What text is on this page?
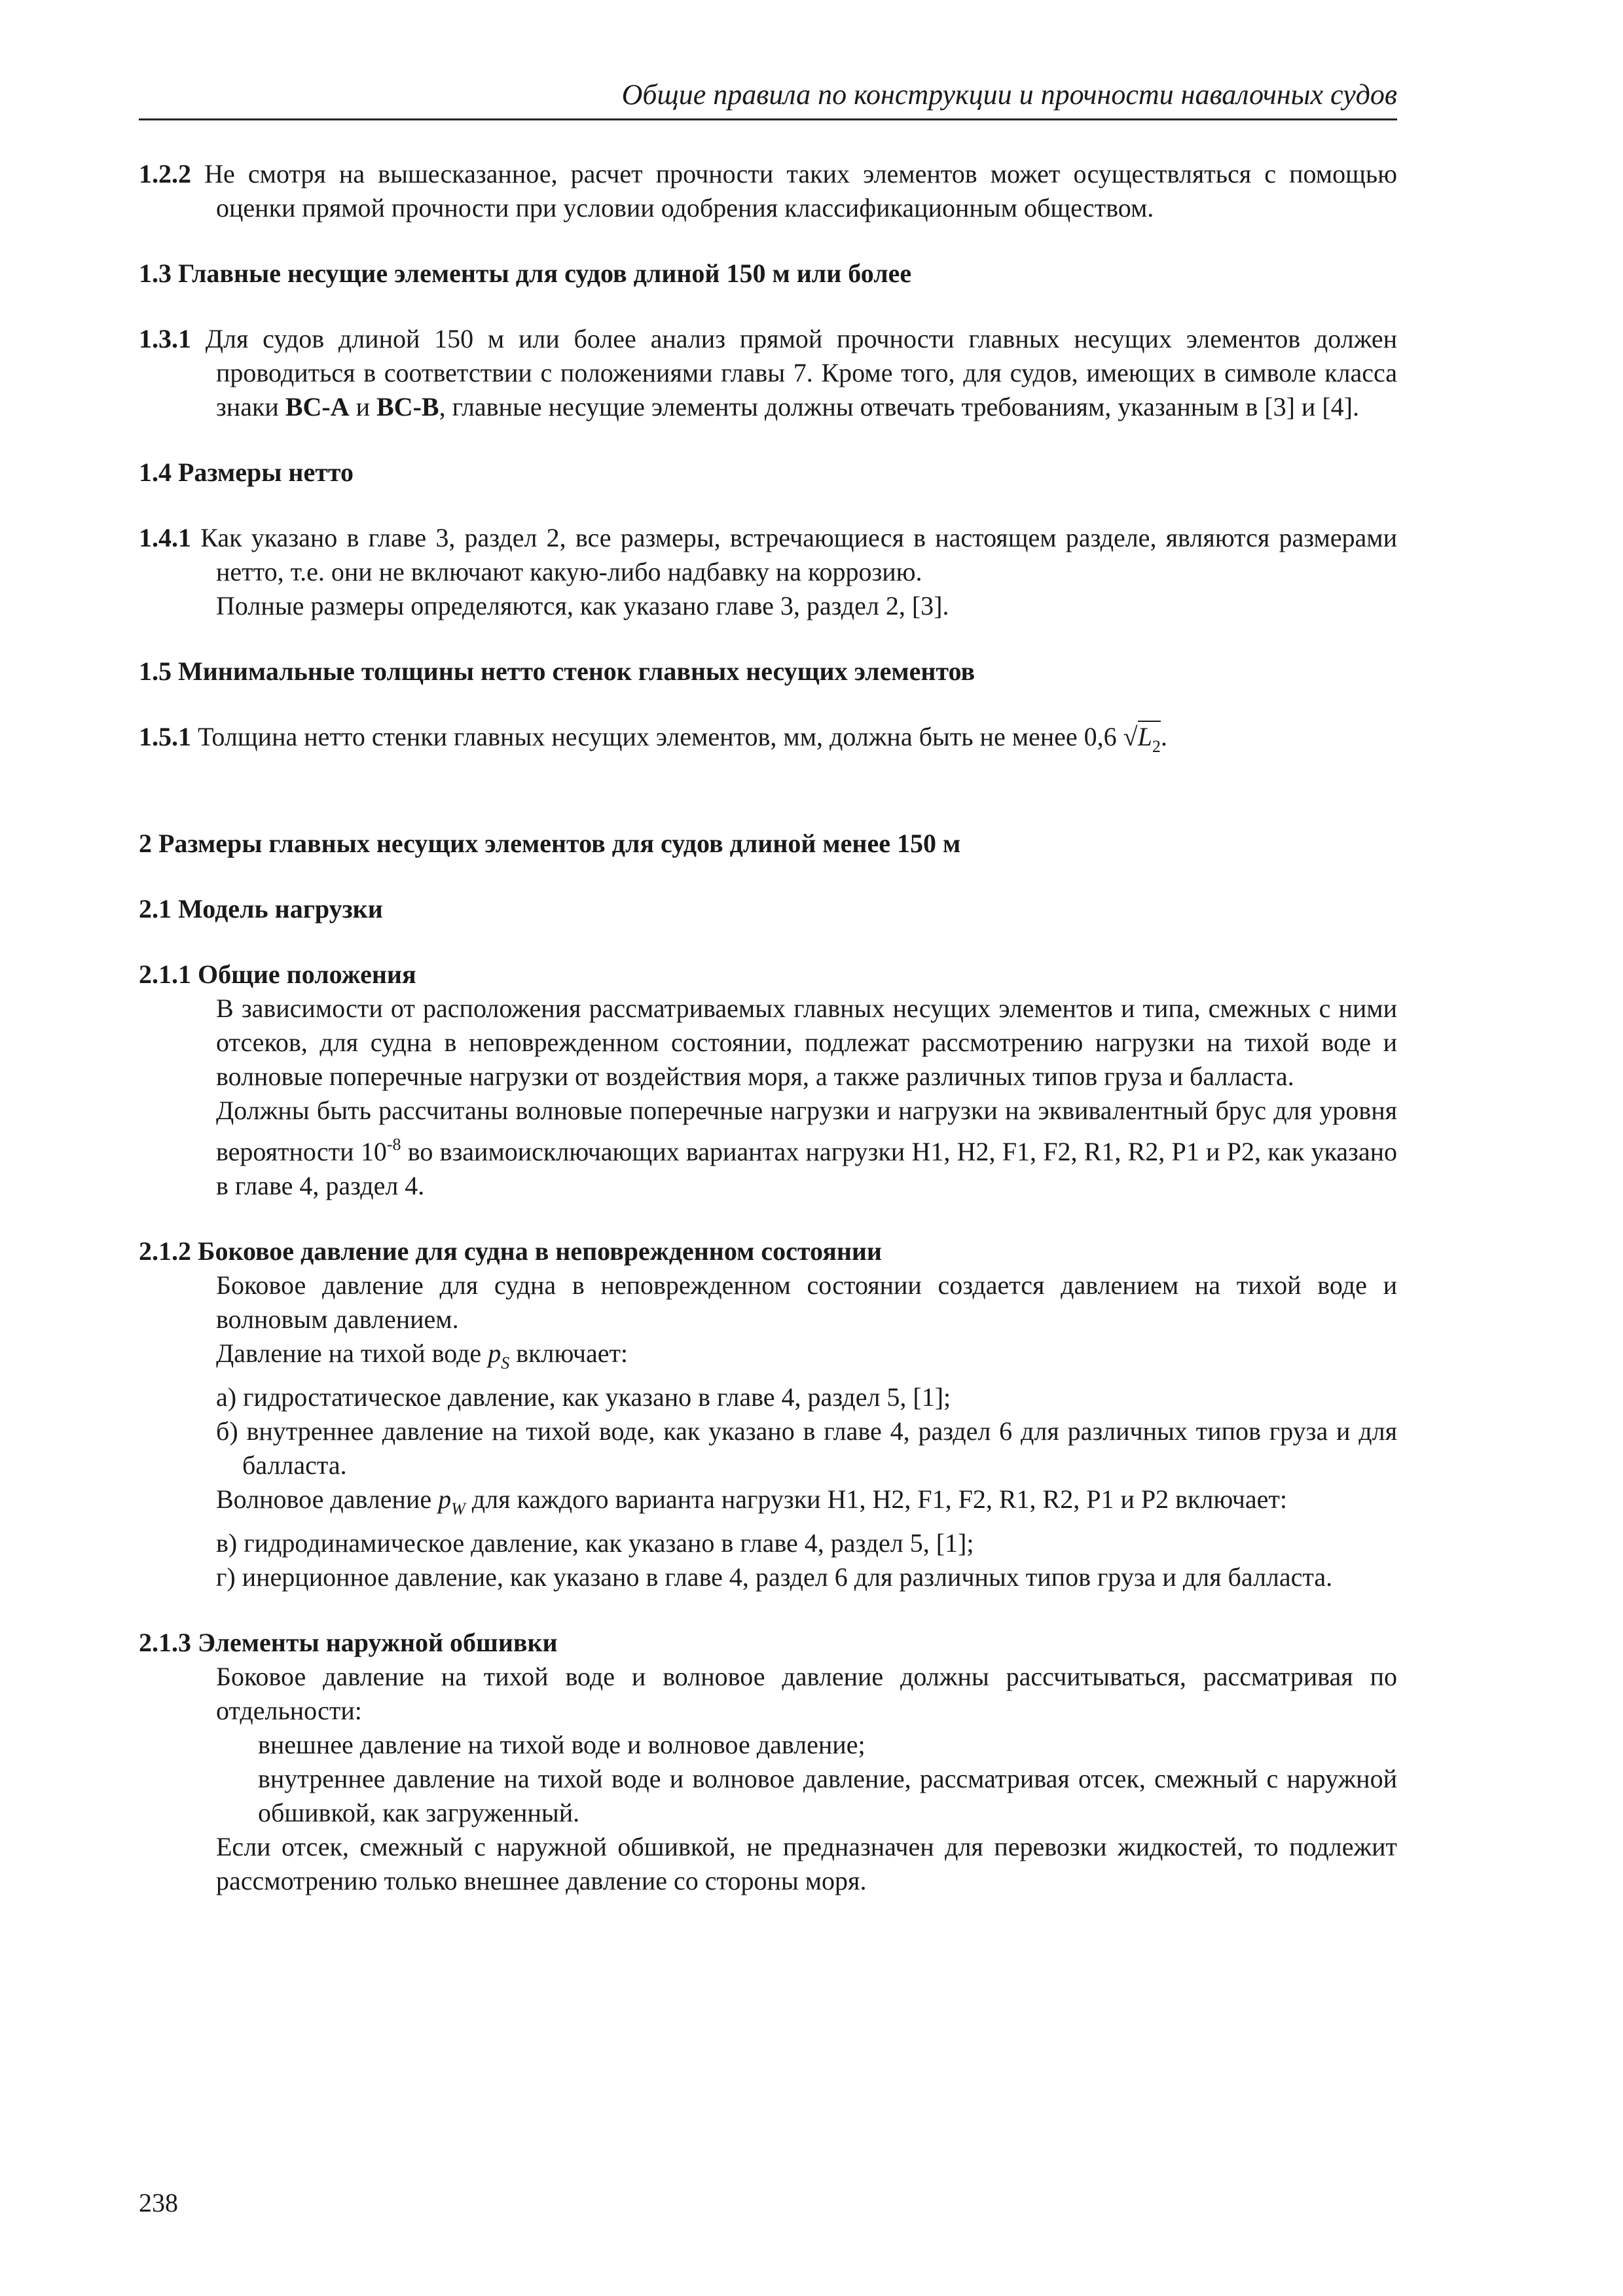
Общие правила по конструкции и прочности навалочных судов

1.2.2 Не смотря на вышесказанное, расчет прочности таких элементов может осуществляться с помощью оценки прямой прочности при условии одобрения классификационным обществом.

1.3 Главные несущие элементы для судов длиной 150 м или более

1.3.1 Для судов длиной 150 м или более анализ прямой прочности главных несущих элементов должен проводиться в соответствии с положениями главы 7. Кроме того, для судов, имеющих в символе класса знаки BC-A и BC-B, главные несущие элементы должны отвечать требованиям, указанным в [3] и [4].

1.4 Размеры нетто

1.4.1 Как указано в главе 3, раздел 2, все размеры, встречающиеся в настоящем разделе, являются размерами нетто, т.е. они не включают какую-либо надбавку на коррозию.

Полные размеры определяются, как указано главе 3, раздел 2, [3].

1.5 Минимальные толщины нетто стенок главных несущих элементов

1.5.1 Толщина нетто стенки главных несущих элементов, мм, должна быть не менее 0,6 $√L_2$.

2 Размеры главных несущих элементов для судов длиной менее 150 м
2.1 Модель нагрузки
2.1.1 Общие положения

В зависимости от расположения рассматриваемых главных несущих элементов и типа, смежных с ними отсеков, для судна в неповрежденном состоянии, подлежат рассмотрению нагрузки на тихой воде и волновые поперечные нагрузки от воздействия моря, а также различных типов груза и балласта.

Должны быть рассчитаны волновые поперечные нагрузки и нагрузки на эквивалентный брус для уровня вероятности $10^{-8}$ во взаимоисключающих вариантах нагрузки H1, H2, F1, F2, R1, R2, P1 и P2, как указано в главе 4, раздел 4.

2.1.2 Боковое давление для судна в неповрежденном состоянии

Боковое давление для судна в неповрежденном состоянии создается давлением на тихой воде и волновым давлением.

Давление на тихой воде $p_S$ включает:

а) гидростатическое давление, как указано в главе 4, раздел 5, [1];

б) внутреннее давление на тихой воде, как указано в главе 4, раздел 6 для различных типов груза и для балласта.

Волновое давление $p_W$ для каждого варианта нагрузки H1, H2, F1, F2, R1, R2, P1 и P2 включает:

в) гидродинамическое давление, как указано в главе 4, раздел 5, [1];

г) инерционное давление, как указано в главе 4, раздел 6 для различных типов груза и для балласта.

2.1.3 Элементы наружной обшивки

Боковое давление на тихой воде и волновое давление должны рассчитываться, рассматривая по отдельности:

внешнее давление на тихой воде и волновое давление;

внутреннее давление на тихой воде и волновое давление, рассматривая отсек, смежный с наружной обшивкой, как загруженный.

Если отсек, смежный с наружной обшивкой, не предназначен для перевозки жидкостей, то подлежит рассмотрению только внешнее давление со стороны моря.

238
